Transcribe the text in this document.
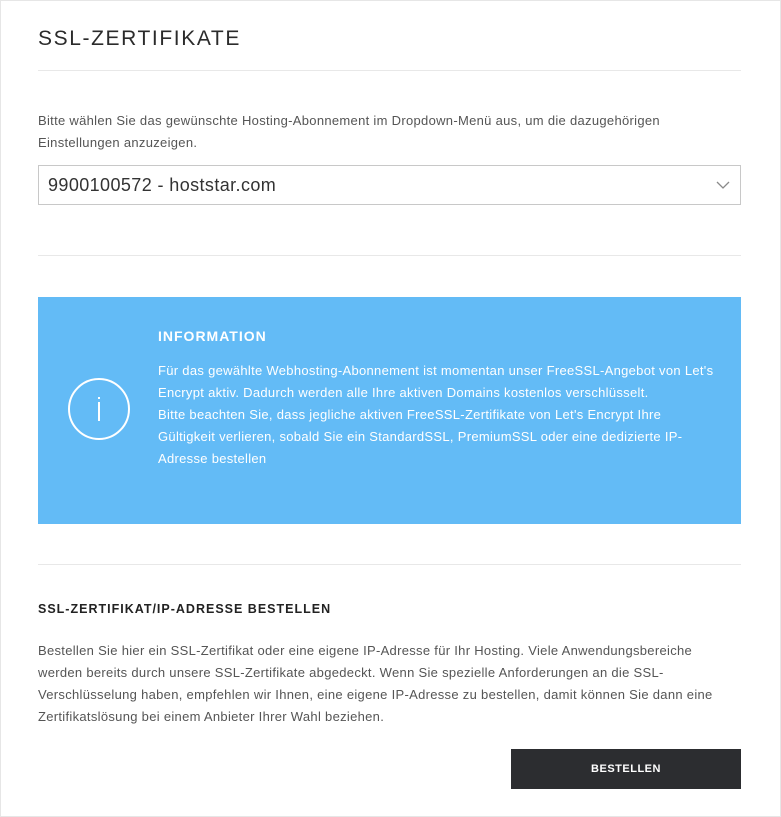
SSL-ZERTIFIKATE
Bitte wählen Sie das gewünschte Hosting-Abonnement im Dropdown-Menü aus, um die dazugehörigen Einstellungen anzuzeigen.
9900100572 - hoststar.com
INFORMATION

Für das gewählte Webhosting-Abonnement ist momentan unser FreeSSL-Angebot von Let's Encrypt aktiv. Dadurch werden alle Ihre aktiven Domains kostenlos verschlüsselt.

Bitte beachten Sie, dass jegliche aktiven FreeSSL-Zertifikate von Let's Encrypt Ihre Gültigkeit verlieren, sobald Sie ein StandardSSL, PremiumSSL oder eine dedizierte IP-Adresse bestellen

SSL-ZERTIFIKAT/IP-ADRESSE BESTELLEN
Bestellen Sie hier ein SSL-Zertifikat oder eine eigene IP-Adresse für Ihr Hosting. Viele Anwendungsbereiche werden bereits durch unsere SSL-Zertifikate abgedeckt. Wenn Sie spezielle Anforderungen an die SSL-Verschlüsselung haben, empfehlen wir Ihnen, eine eigene IP-Adresse zu bestellen, damit können Sie dann eine Zertifikatslösung bei einem Anbieter Ihrer Wahl beziehen.
BESTELLEN
